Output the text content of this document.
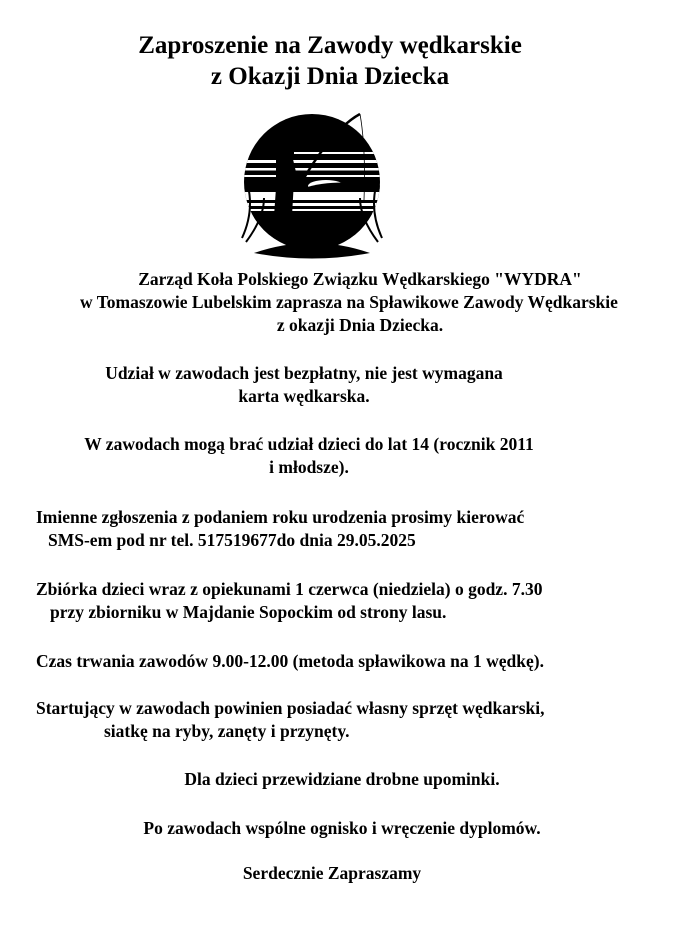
Zaproszenie na Zawody wędkarskie
z Okazji Dnia Dziecka
Zarząd Koła Polskiego Związku Wędkarskiego "WYDRA"
w Tomaszowie Lubelskim zaprasza na Spławikowe Zawody Wędkarskie
z okazji Dnia Dziecka.
Udział w zawodach jest bezpłatny, nie jest wymagana
karta wędkarska.
W zawodach mogą brać udział dzieci do lat 14 (rocznik 2011
i młodsze).
Imienne zgłoszenia z podaniem roku urodzenia prosimy kierować
SMS-em pod nr tel. 517519677do dnia 29.05.2025
Zbiórka dzieci wraz z opiekunami 1 czerwca (niedziela) o godz. 7.30
przy zbiorniku w Majdanie Sopockim od strony lasu.
Czas trwania zawodów 9.00-12.00 (metoda spławikowa na 1 wędkę).
Startujący w zawodach powinien posiadać własny sprzęt wędkarski,
siatkę na ryby, zanęty i przynęty.
Dla dzieci przewidziane drobne upominki.
Po zawodach wspólne ognisko i wręczenie dyplomów.
Serdecznie Zapraszamy
